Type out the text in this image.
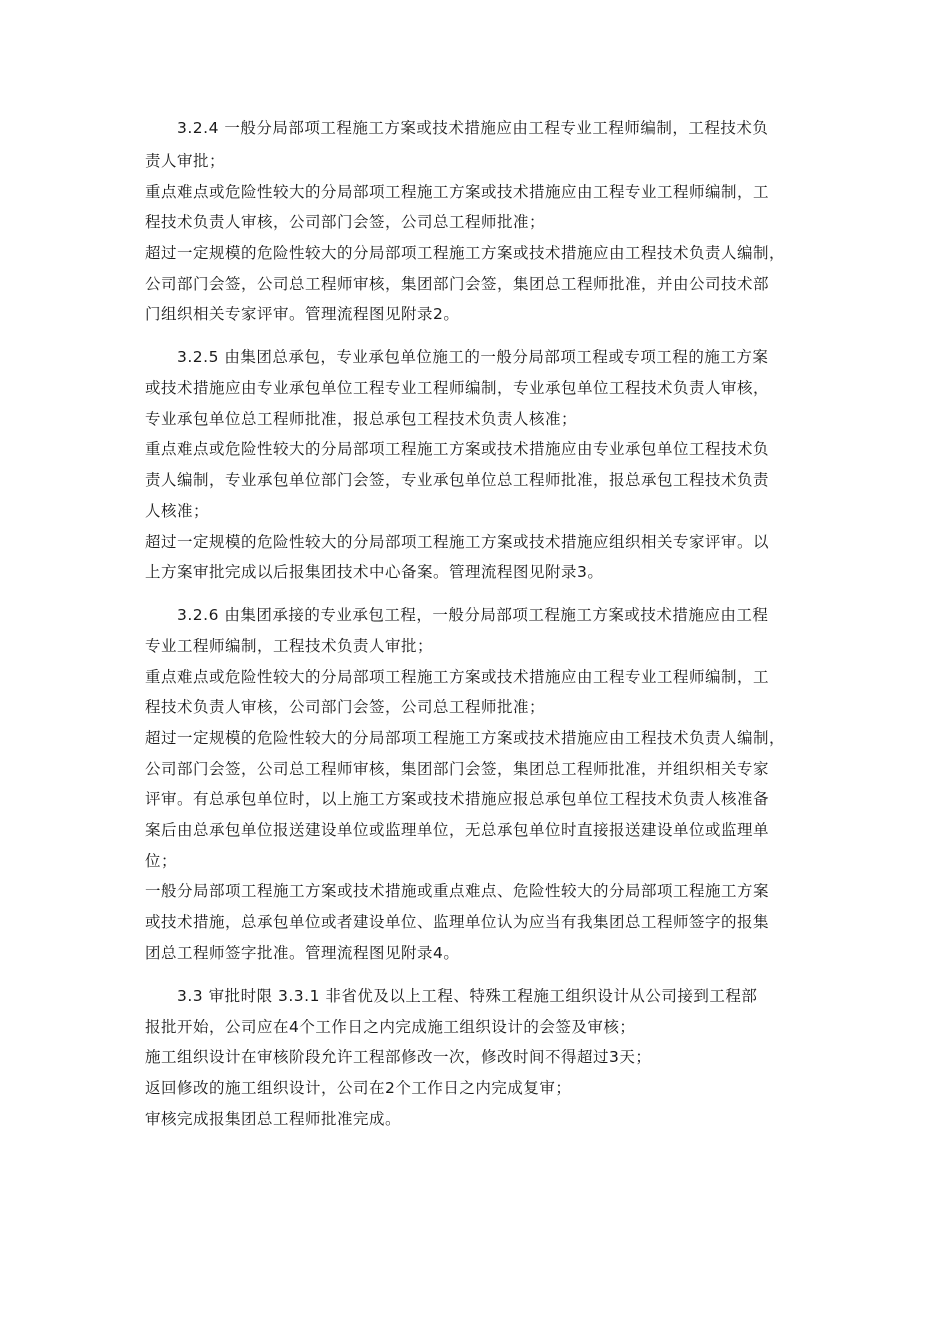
3.2.4 一般分局部项工程施工方案或技术措施应由工程专业工程师编制，工程技术负

责人审批；

重点难点或危险性较大的分局部项工程施工方案或技术措施应由工程专业工程师编制，工

程技术负责人审核，公司部门会签，公司总工程师批准；

超过一定规模的危险性较大的分局部项工程施工方案或技术措施应由工程技术负责人编制，

公司部门会签，公司总工程师审核，集团部门会签，集团总工程师批准，并由公司技术部

门组织相关专家评审。管理流程图见附录2。

3.2.5 由集团总承包，专业承包单位施工的一般分局部项工程或专项工程的施工方案

或技术措施应由专业承包单位工程专业工程师编制，专业承包单位工程技术负责人审核，

专业承包单位总工程师批准，报总承包工程技术负责人核准；

重点难点或危险性较大的分局部项工程施工方案或技术措施应由专业承包单位工程技术负

责人编制，专业承包单位部门会签，专业承包单位总工程师批准，报总承包工程技术负责

人核准；

超过一定规模的危险性较大的分局部项工程施工方案或技术措施应组织相关专家评审。以

上方案审批完成以后报集团技术中心备案。管理流程图见附录3。

3.2.6 由集团承接的专业承包工程，一般分局部项工程施工方案或技术措施应由工程

专业工程师编制，工程技术负责人审批；

重点难点或危险性较大的分局部项工程施工方案或技术措施应由工程专业工程师编制，工

程技术负责人审核，公司部门会签，公司总工程师批准；

超过一定规模的危险性较大的分局部项工程施工方案或技术措施应由工程技术负责人编制，

公司部门会签，公司总工程师审核，集团部门会签，集团总工程师批准，并组织相关专家

评审。有总承包单位时，以上施工方案或技术措施应报总承包单位工程技术负责人核准备

案后由总承包单位报送建设单位或监理单位，无总承包单位时直接报送建设单位或监理单

位；

一般分局部项工程施工方案或技术措施或重点难点、危险性较大的分局部项工程施工方案

或技术措施，总承包单位或者建设单位、监理单位认为应当有我集团总工程师签字的报集

团总工程师签字批准。管理流程图见附录4。

3.3 审批时限 3.3.1 非省优及以上工程、特殊工程施工组织设计从公司接到工程部

报批开始，公司应在4个工作日之内完成施工组织设计的会签及审核；

施工组织设计在审核阶段允许工程部修改一次，修改时间不得超过3天；

返回修改的施工组织设计，公司在2个工作日之内完成复审；

审核完成报集团总工程师批准完成。
